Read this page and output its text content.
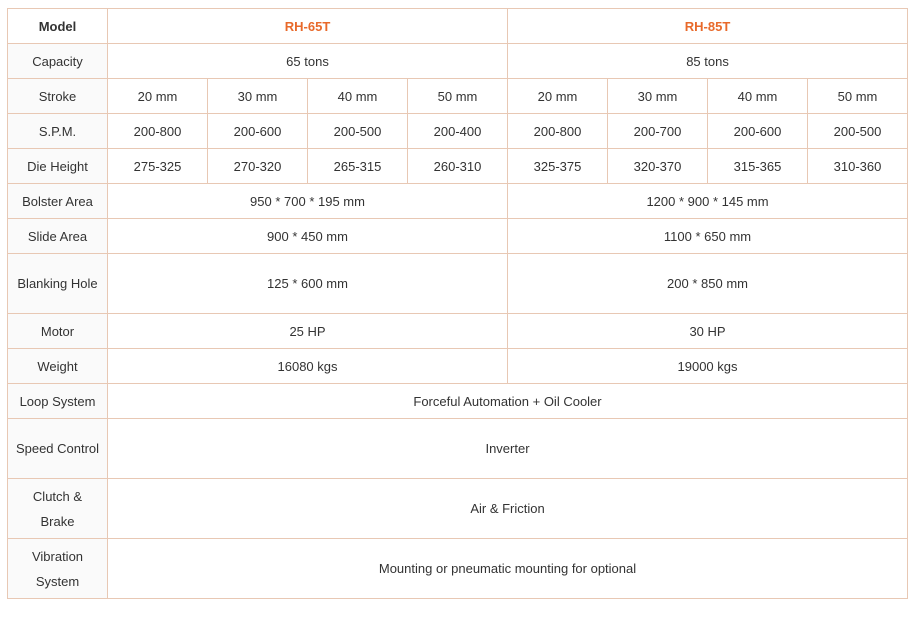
Model	RH-65T				RH-85T			
Capacity	65 tons				85 tons			
Stroke	20 mm	30 mm	40 mm	50 mm	20 mm	30 mm	40 mm	50 mm
S.P.M.	200-800	200-600	200-500	200-400	200-800	200-700	200-600	200-500
Die Height	275-325	270-320	265-315	260-310	325-375	320-370	315-365	310-360
Bolster Area	950 * 700 * 195 mm				1200 * 900 * 145 mm			
Slide Area	900 * 450 mm				1100 * 650 mm			
Blanking Hole	125 * 600 mm				200 * 850 mm			
Motor	25 HP				30 HP			
Weight	16080 kgs				19000 kgs			
Loop System	Forceful Automation + Oil Cooler							
Speed Control	Inverter							
Clutch &
Brake	Air & Friction							
Vibration
System	Mounting or pneumatic mounting for optional							
